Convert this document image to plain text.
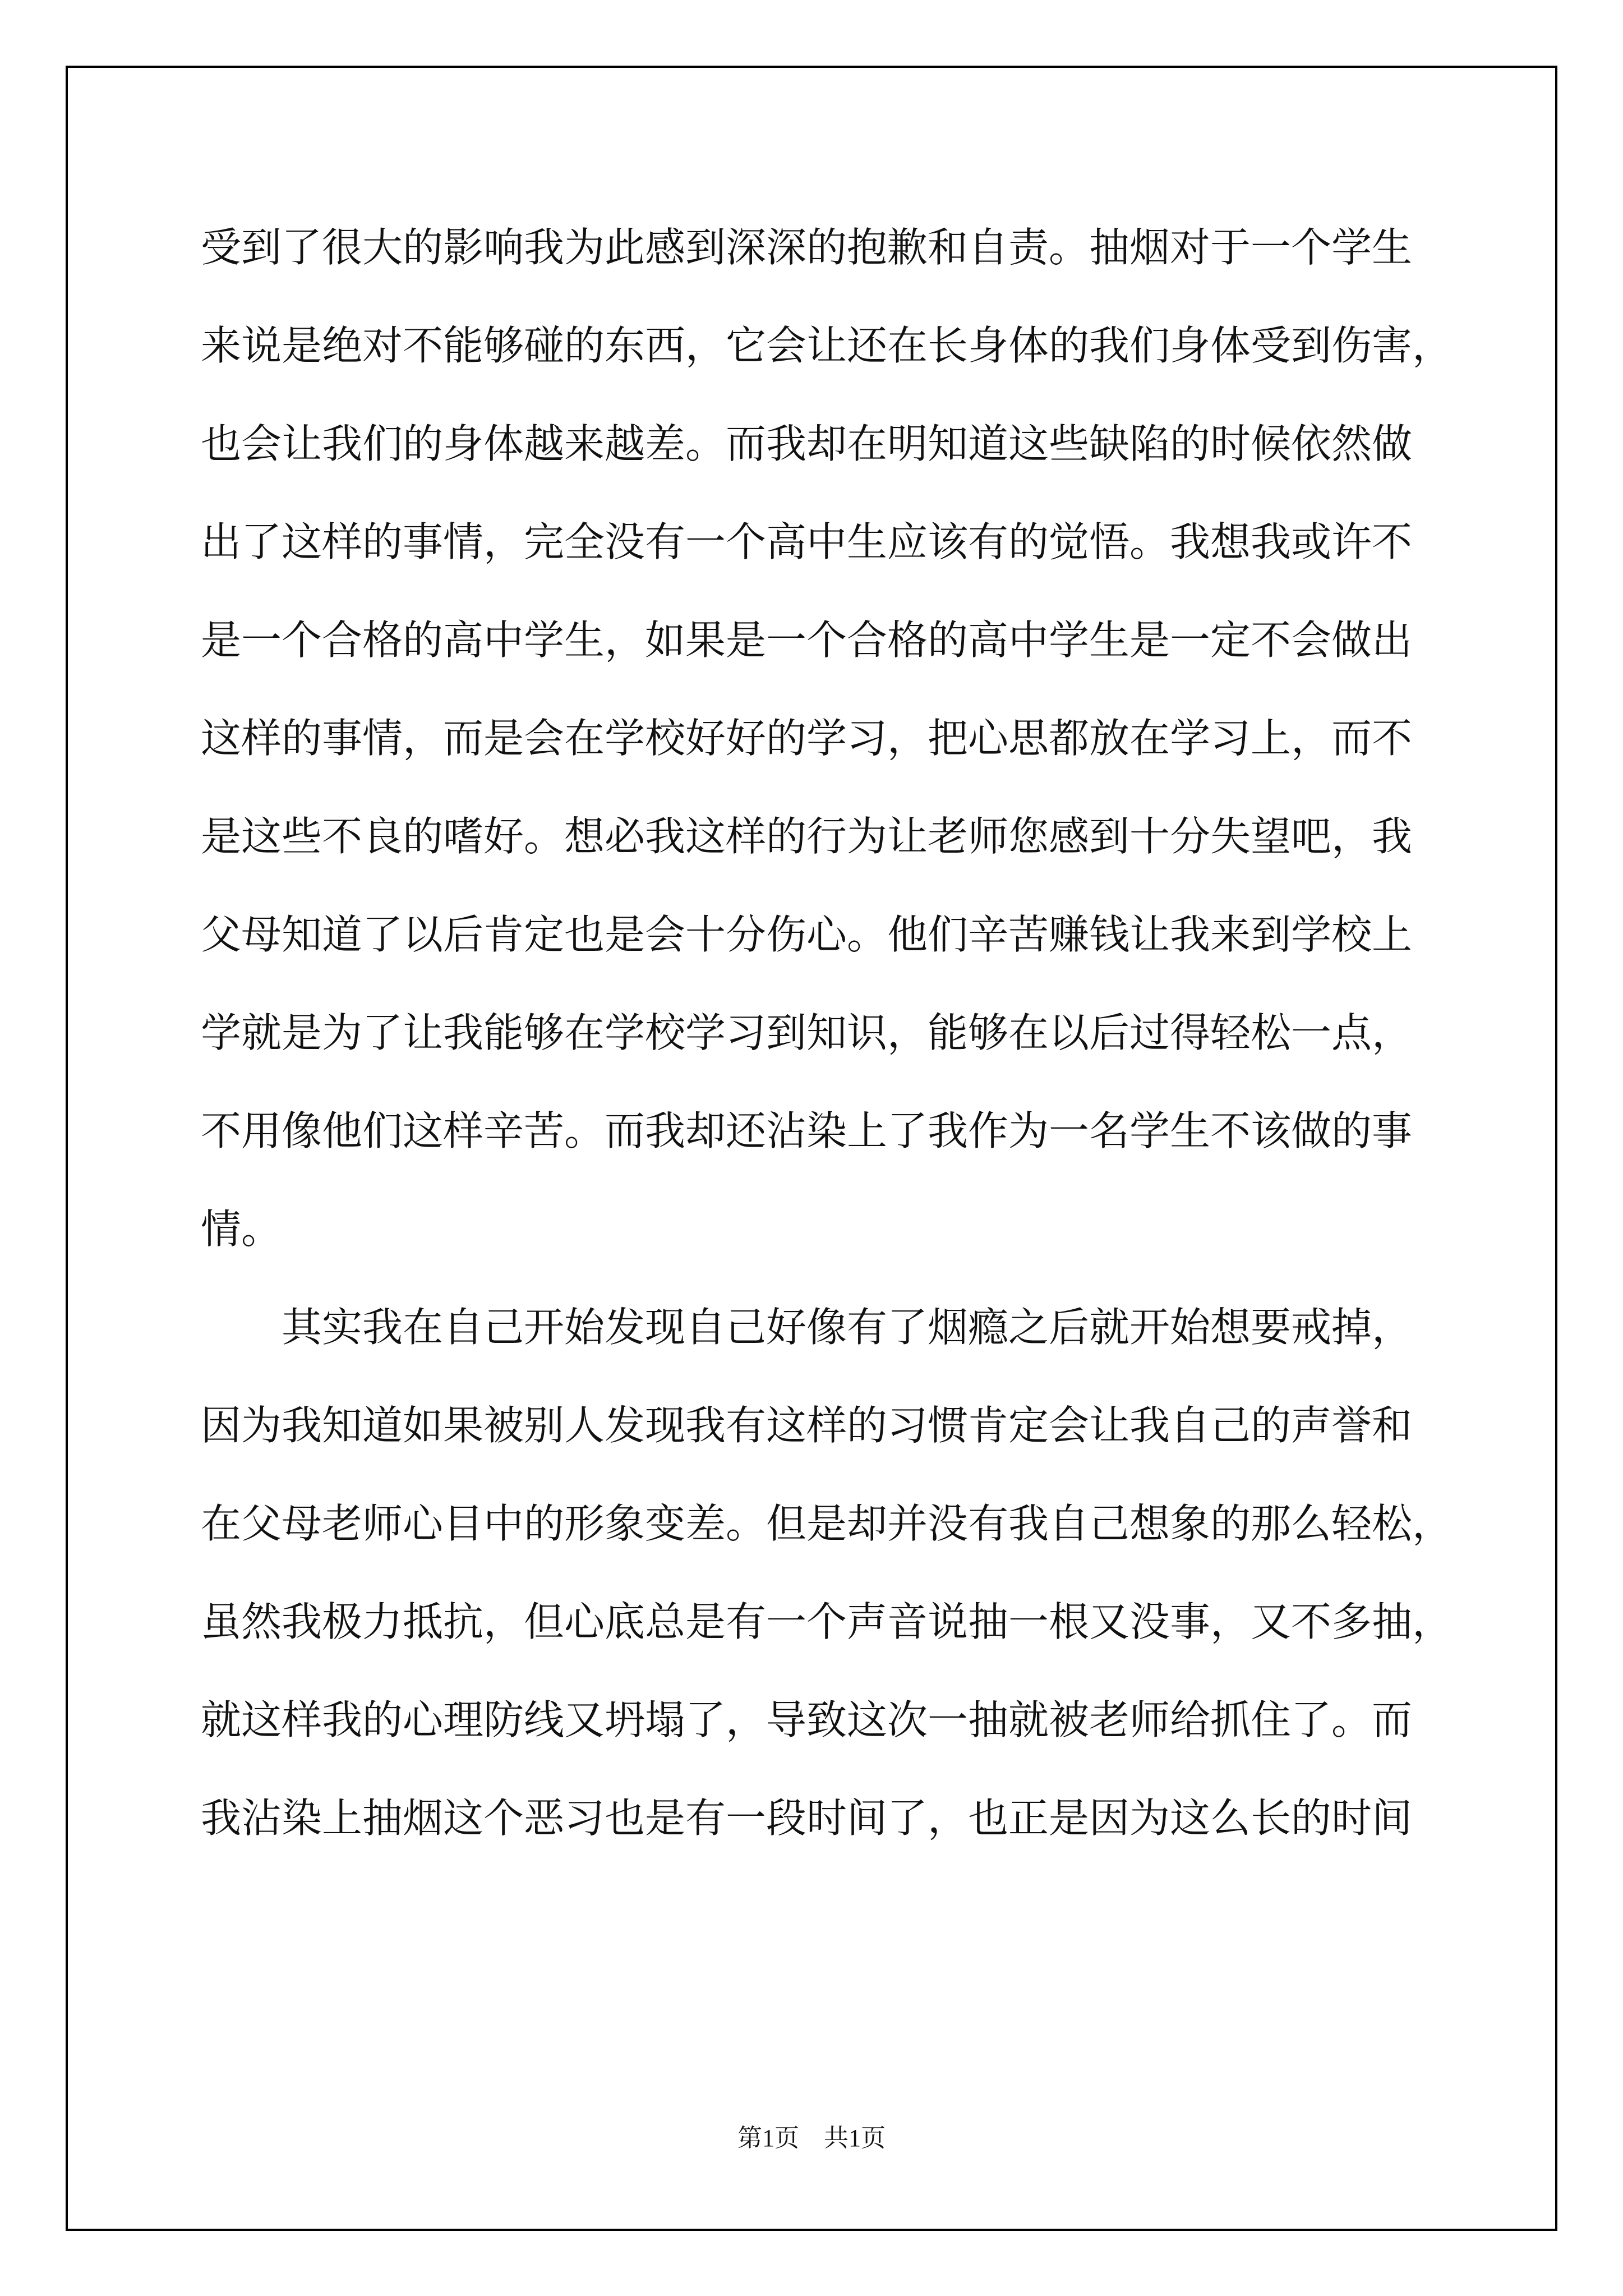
受到了很大的影响我为此感到深深的抱歉和自责。抽烟对于一个学生
来说是绝对不能够碰的东西，它会让还在长身体的我们身体受到伤害，
也会让我们的身体越来越差。而我却在明知道这些缺陷的时候依然做
出了这样的事情，完全没有一个高中生应该有的觉悟。我想我或许不
是一个合格的高中学生，如果是一个合格的高中学生是一定不会做出
这样的事情，而是会在学校好好的学习，把心思都放在学习上，而不
是这些不良的嗜好。想必我这样的行为让老师您感到十分失望吧，我
父母知道了以后肯定也是会十分伤心。他们辛苦赚钱让我来到学校上
学就是为了让我能够在学校学习到知识，能够在以后过得轻松一点，
不用像他们这样辛苦。而我却还沾染上了我作为一名学生不该做的事
情。
其实我在自己开始发现自己好像有了烟瘾之后就开始想要戒掉，
因为我知道如果被别人发现我有这样的习惯肯定会让我自己的声誉和
在父母老师心目中的形象变差。但是却并没有我自己想象的那么轻松，
虽然我极力抵抗，但心底总是有一个声音说抽一根又没事，又不多抽，
就这样我的心理防线又坍塌了，导致这次一抽就被老师给抓住了。而
我沾染上抽烟这个恶习也是有一段时间了，也正是因为这么长的时间
第1页　共1页
